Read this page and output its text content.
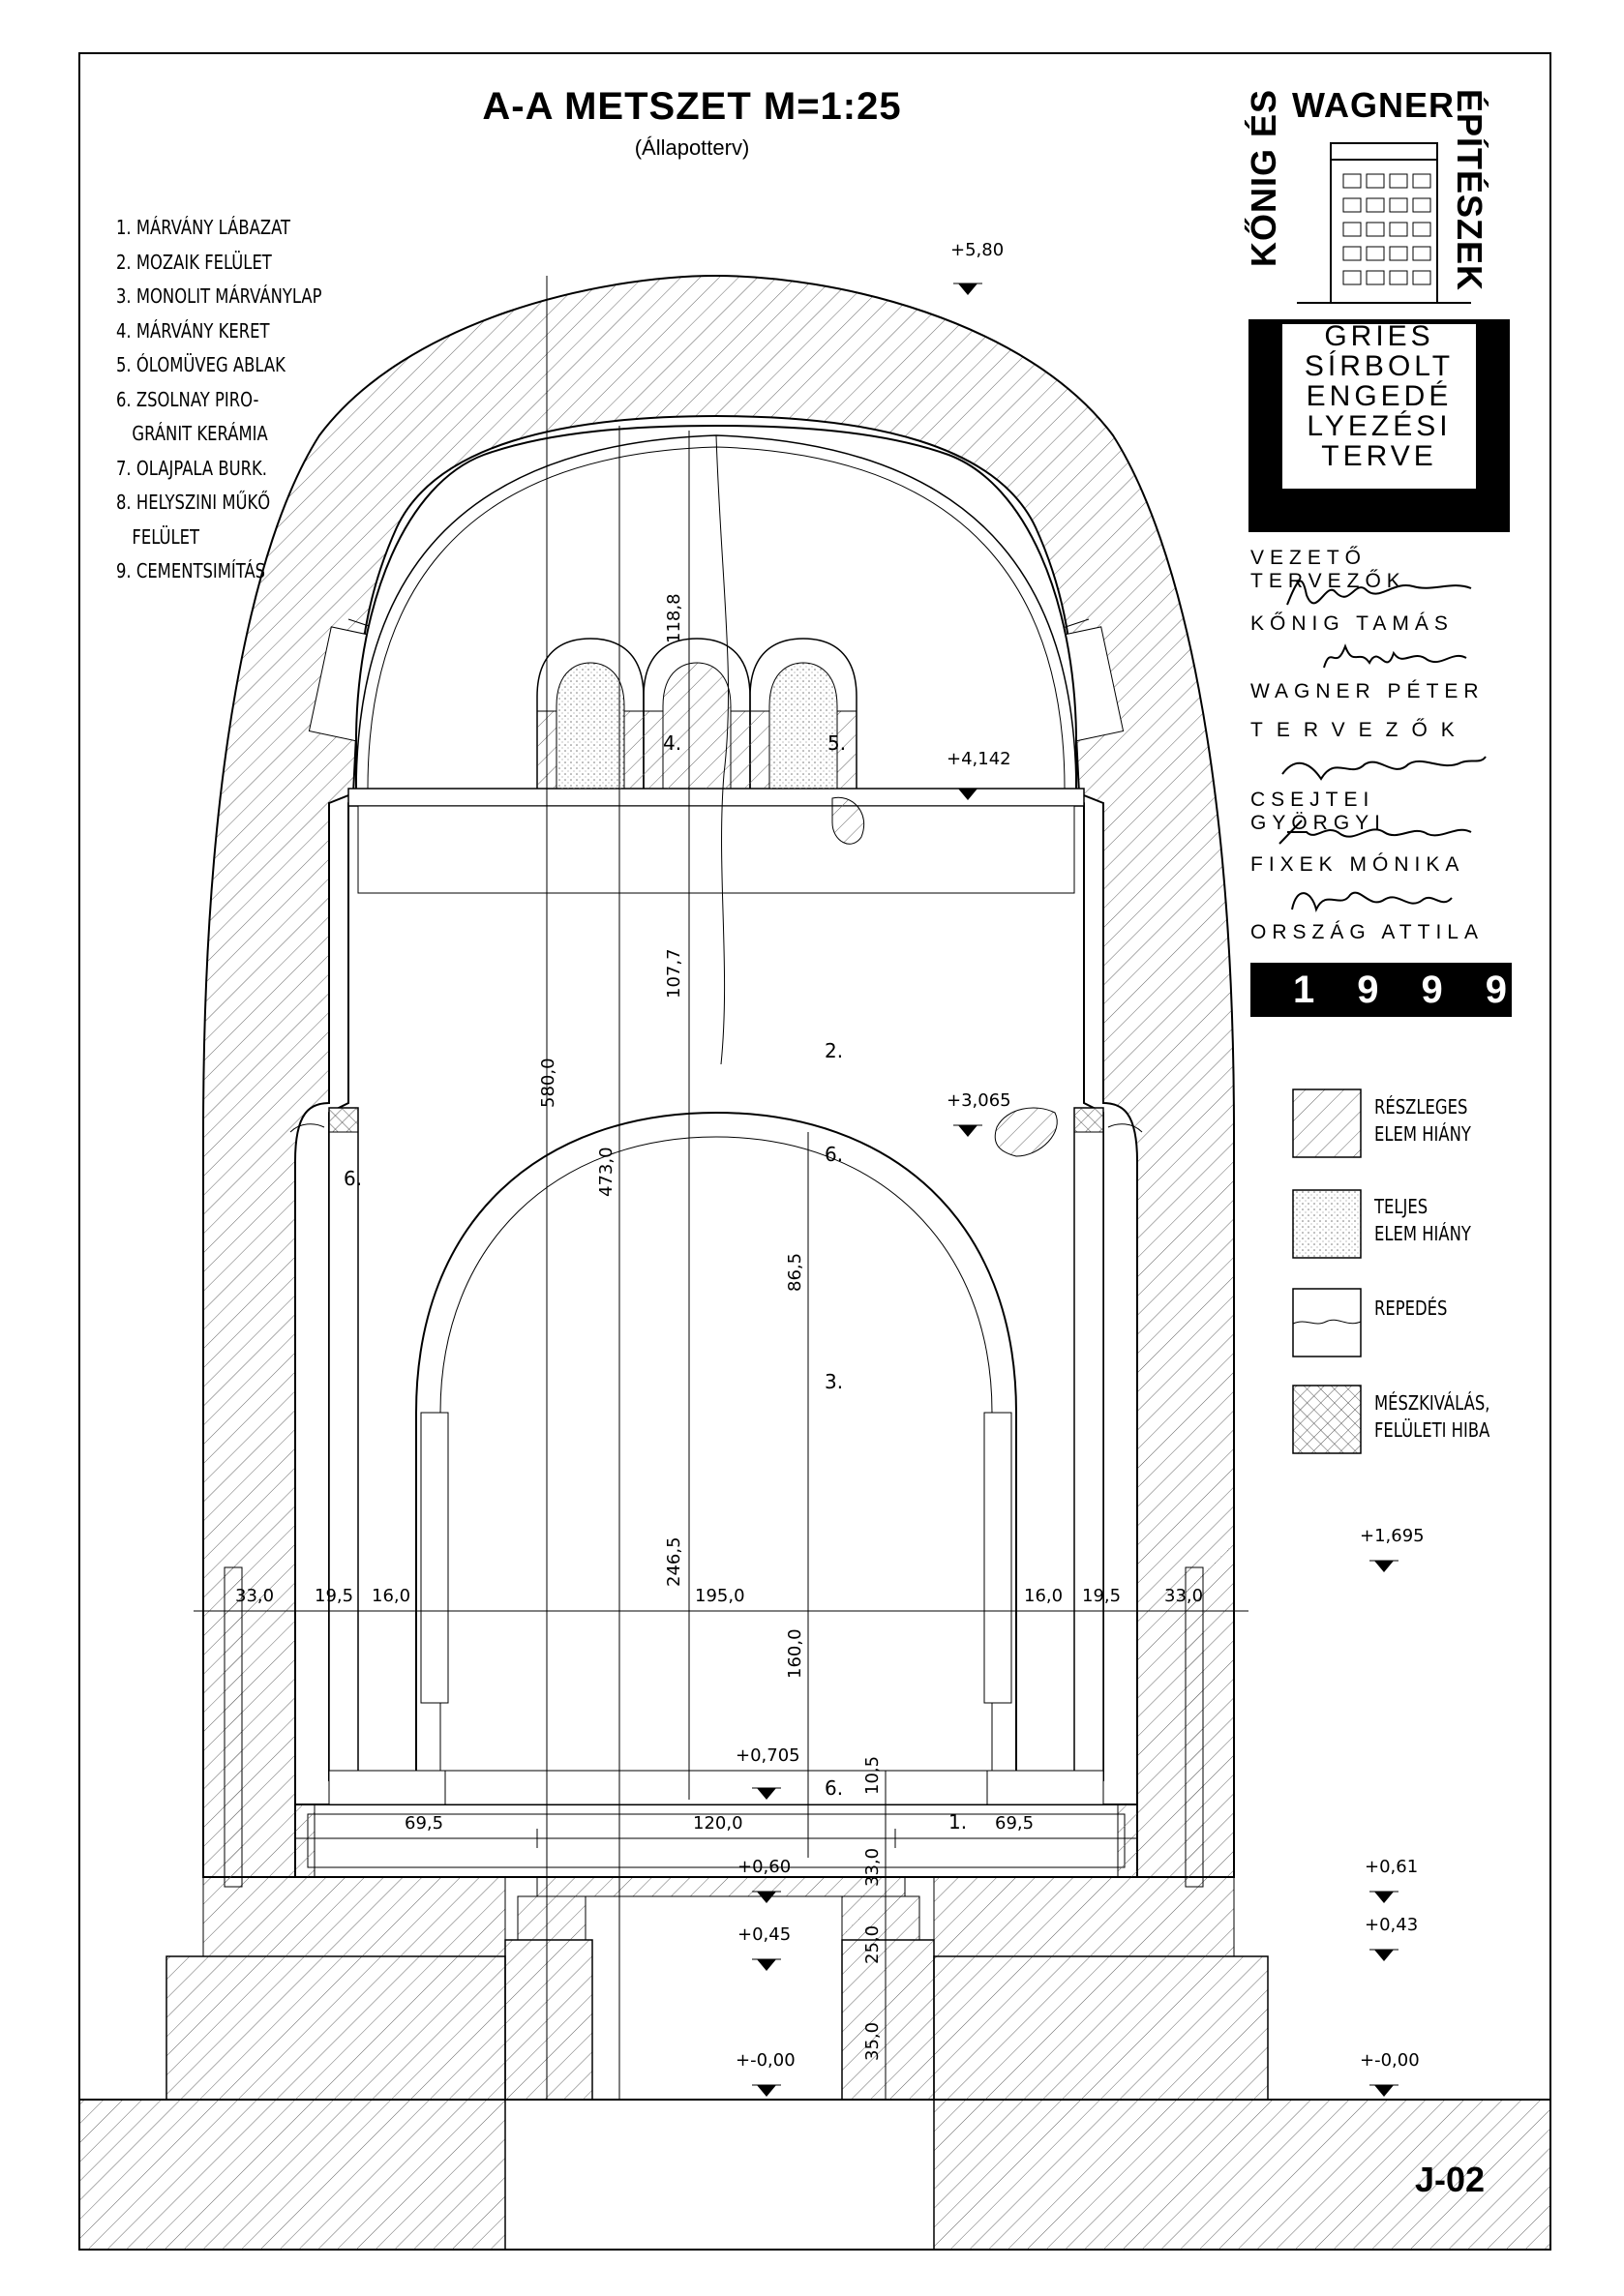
+5,80
+4,142
+3,065
+1,695
+0,705
+0,60
+0,45
+0,61
+0,43
+-0,00	+-0,00
33,0 19,5 16,0	195,0	16,0 19,5 33,0
69,5	120,0	69,5
580,0
473,0
118,8
107,7
86,5
246,5
160,0
10,5
33,0
25,0
35,0
4.	5.
2.
6.
6.
3.
6.
1.
A-A METSZET M=1:25
(Állapotterv)
1. MÁRVÁNY LÁBAZAT
2. MOZAIK FELÜLET
3. MONOLIT MÁRVÁNYLAP
4. MÁRVÁNY KERET
5. ÓLOMÜVEG ABLAK
6. ZSOLNAY PIRO-
GRÁNIT KERÁMIA
7. OLAJPALA BURK.
8. HELYSZINI MŰKŐ
FELÜLET
9. CEMENTSIMÍTÁS
KŐNIG ÉS WAGNER
ÉPÍTÉSZEK
GRIES
SÍRBOLT
ENGEDÉ
LYEZÉSI
TERVE
VEZETŐ TERVEZŐK
KŐNIG TAMÁS
WAGNER PÉTER
TERVEZŐK
CSEJTEI GYÖRGYI
FIXEK MÓNIKA
ORSZÁG ATTILA
1999
RÉSZLEGES
ELEM HIÁNY
TELJES
ELEM HIÁNY
REPEDÉS
MÉSZKIVÁLÁS,
FELÜLETI HIBA
J-02
